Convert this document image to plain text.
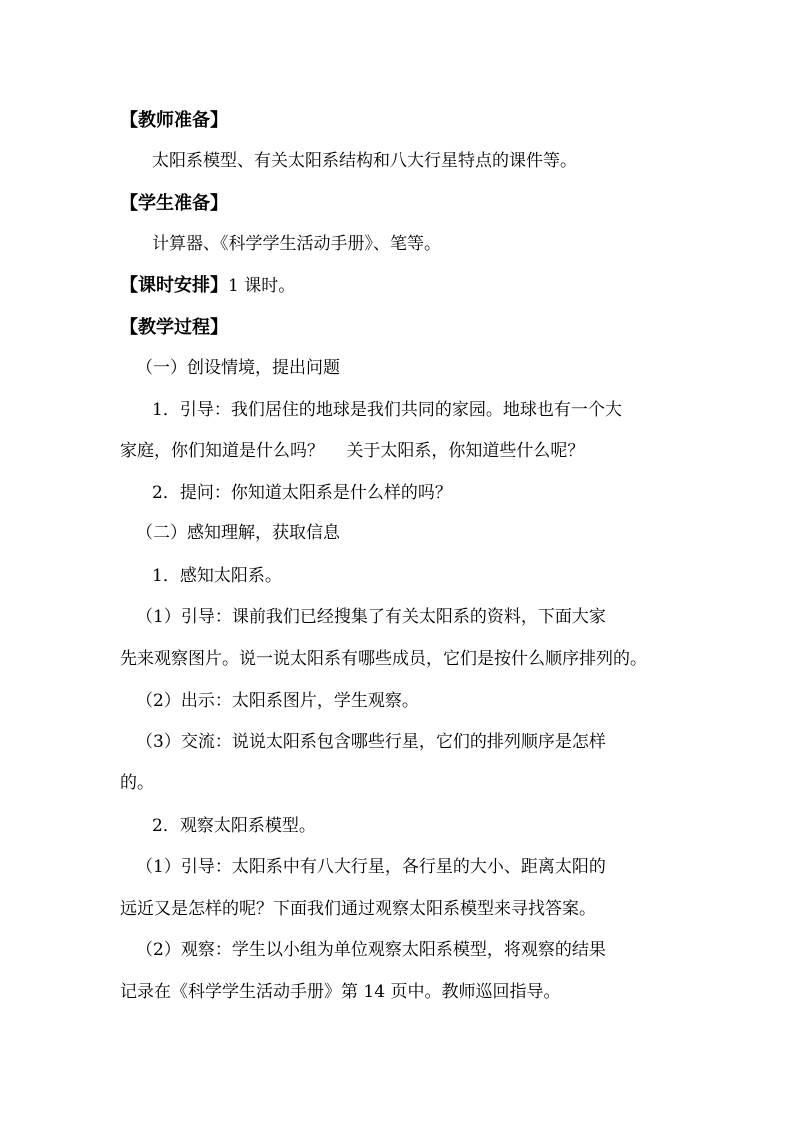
【教师准备】
太阳系模型、有关太阳系结构和八大行星特点的课件等。
【学生准备】
计算器、《科学学生活动手册》、笔等。
【课时安排】1 课时。
【教学过程】
（一）创设情境，提出问题
1．引导：我们居住的地球是我们共同的家园。地球也有一个大
家庭，你们知道是什么吗？　 关于太阳系，你知道些什么呢？
2．提问：你知道太阳系是什么样的吗？
（二）感知理解，获取信息
1．感知太阳系。
（1）引导：课前我们已经搜集了有关太阳系的资料，下面大家
先来观察图片。说一说太阳系有哪些成员，它们是按什么顺序排列的。
（2）出示：太阳系图片，学生观察。
（3）交流：说说太阳系包含哪些行星，它们的排列顺序是怎样
的。
2．观察太阳系模型。
（1）引导：太阳系中有八大行星，各行星的大小、距离太阳的
远近又是怎样的呢？下面我们通过观察太阳系模型来寻找答案。
（2）观察：学生以小组为单位观察太阳系模型，将观察的结果
记录在《科学学生活动手册》第 14 页中。教师巡回指导。
